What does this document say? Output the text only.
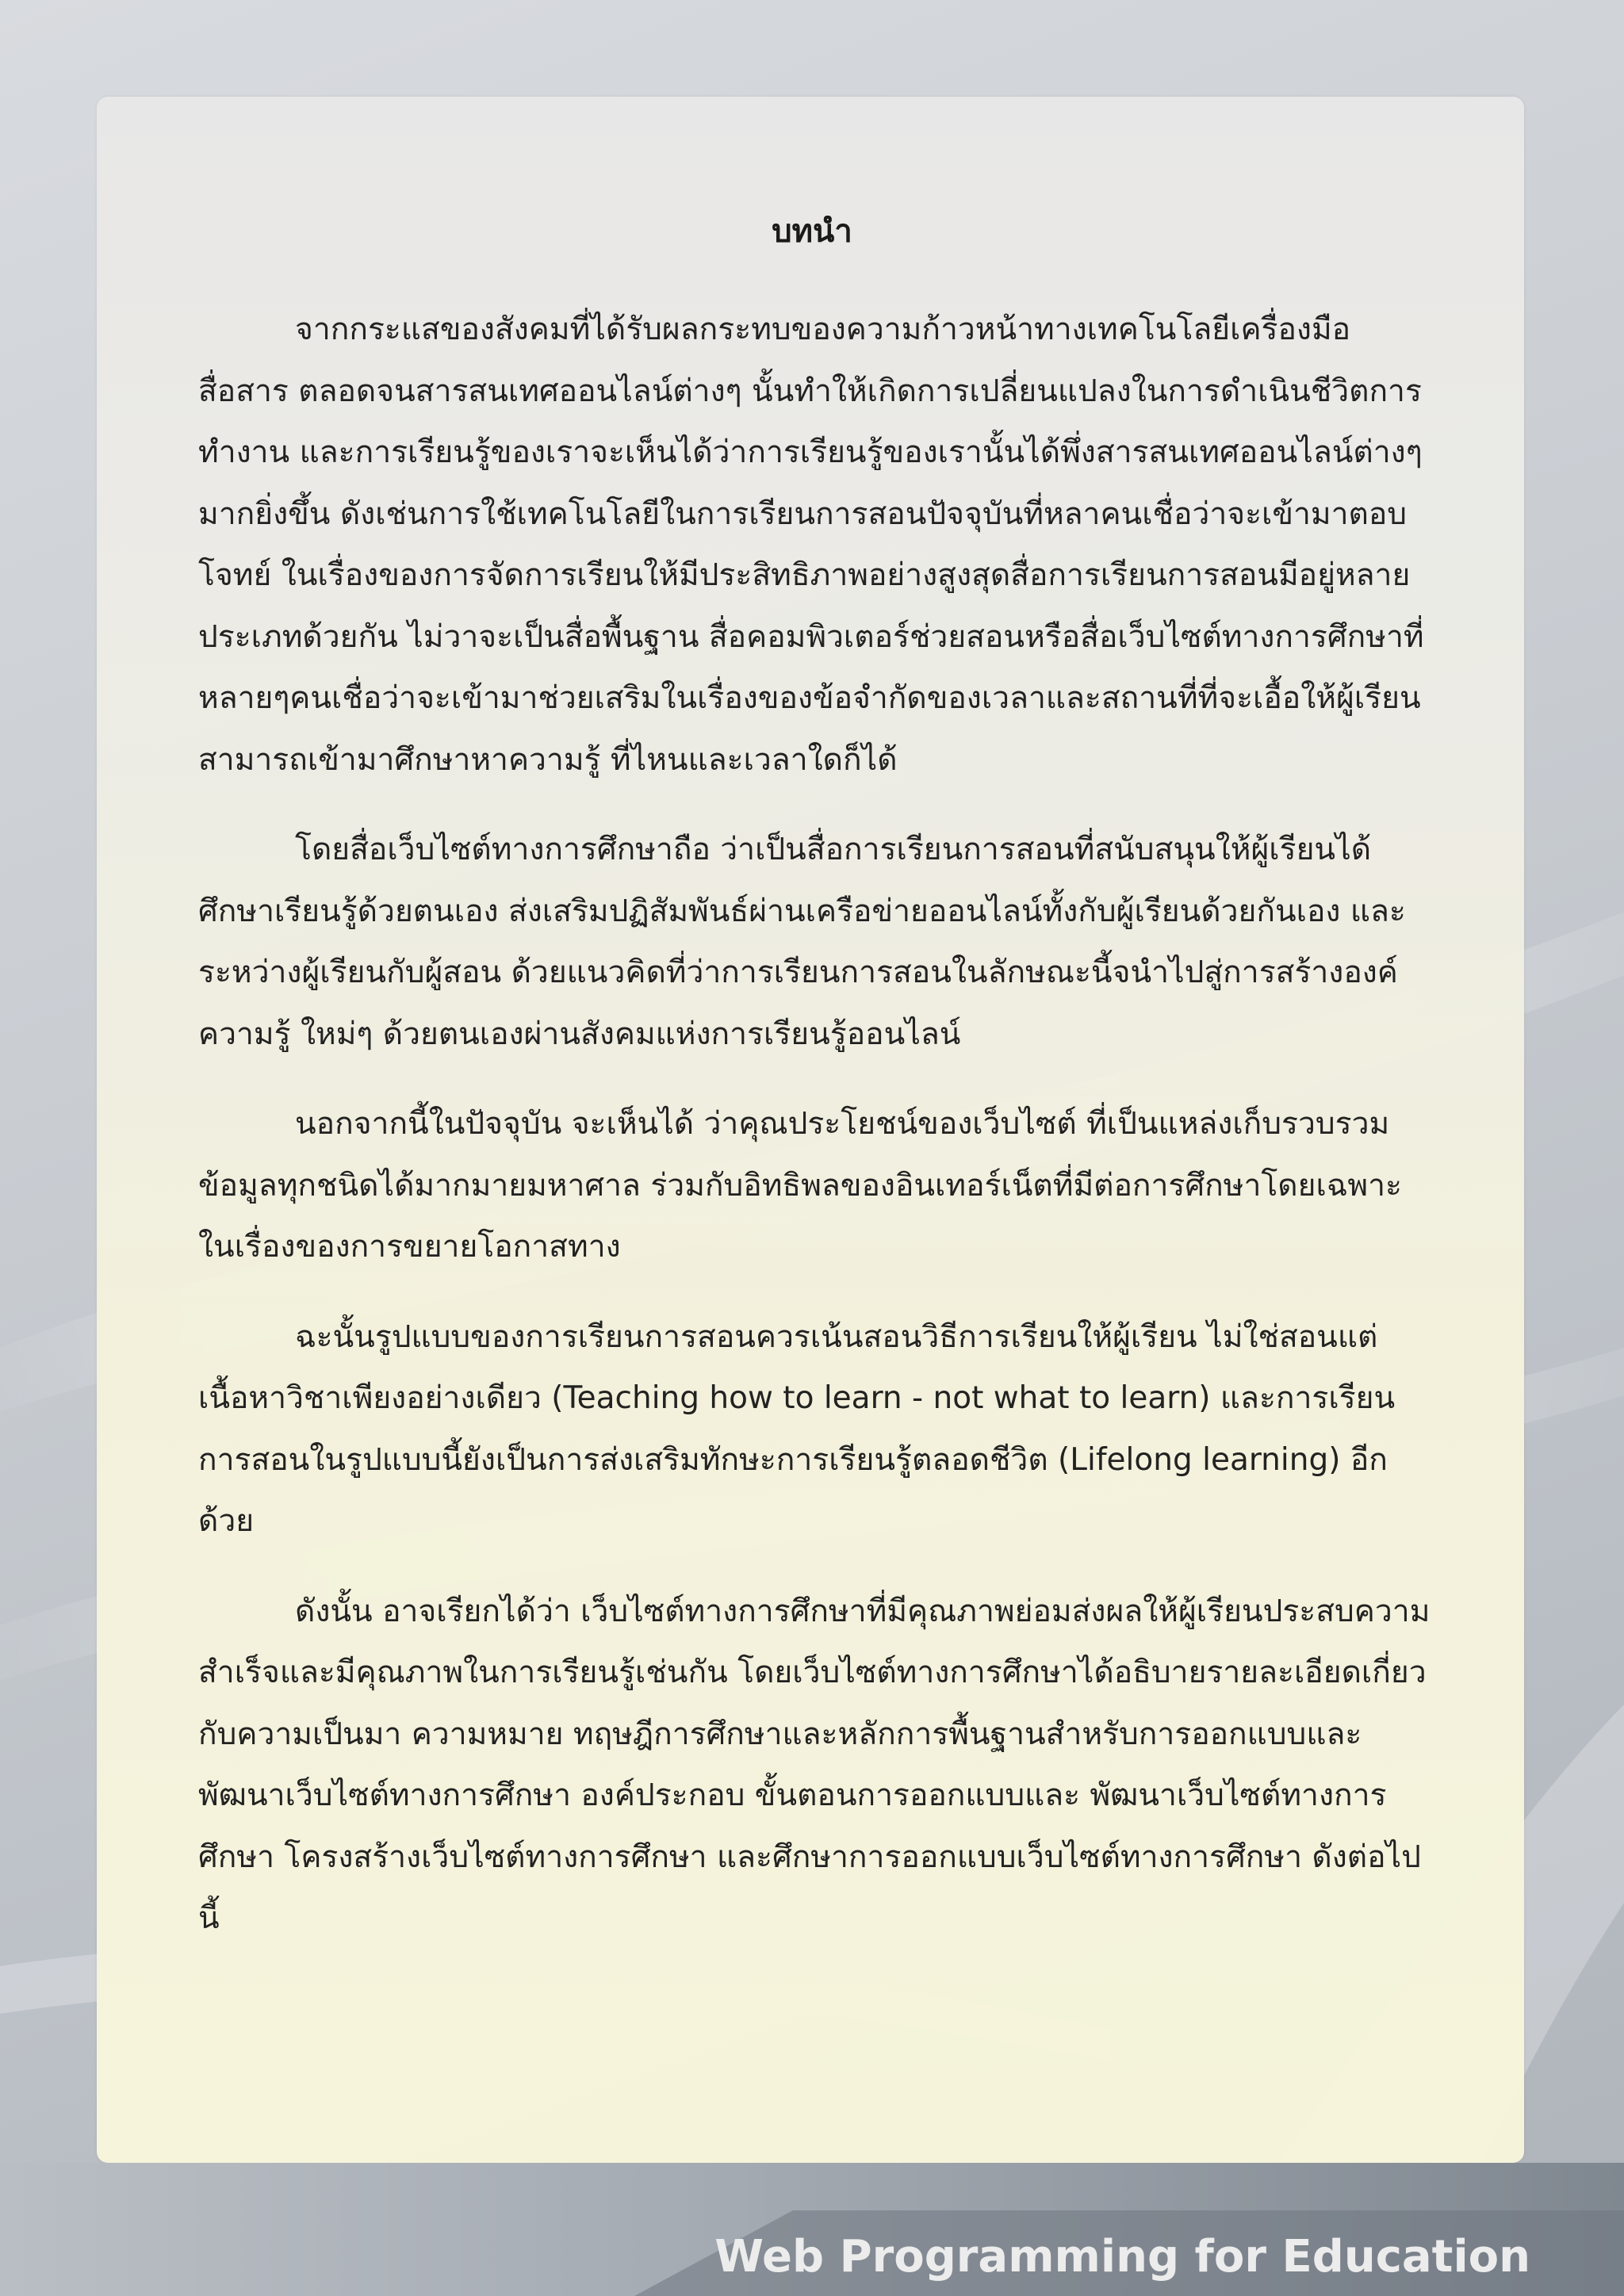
บทนำ

จากกระแสของสังคมที่ได้รับผลกระทบของความก้าวหน้าทางเทคโนโลยีเครื่องมือสื่อสาร ตลอดจนสารสนเทศออนไลน์ต่างๆ นั้นทำให้เกิดการเปลี่ยนแปลงในการดำเนินชีวิตการทำงาน และการเรียนรู้ของเราจะเห็นได้ว่าการเรียนรู้ของเรานั้นได้พึ่งสารสนเทศออนไลน์ต่างๆ มากยิ่งขึ้น ดังเช่นการใช้เทคโนโลยีในการเรียนการสอนปัจจุบันที่หลาคนเชื่อว่าจะเข้ามาตอบโจทย์ ในเรื่องของการจัดการเรียนให้มีประสิทธิภาพอย่างสูงสุดสื่อการเรียนการสอนมีอยู่หลายประเภทด้วยกัน ไม่วาจะเป็นสื่อพื้นฐาน สื่อคอมพิวเตอร์ช่วยสอนหรือสื่อเว็บไซต์ทางการศึกษาที่หลายๆคนเชื่อว่าจะเข้ามาช่วยเสริมในเรื่องของข้อจำกัดของเวลาและสถานที่ที่จะเอื้อให้ผู้เรียนสามารถเข้ามาศึกษาหาความรู้ ที่ไหนและเวลาใดก็ได้

โดยสื่อเว็บไซต์ทางการศึกษาถือ ว่าเป็นสื่อการเรียนการสอนที่สนับสนุนให้ผู้เรียนได้ศึกษาเรียนรู้ด้วยตนเอง ส่งเสริมปฏิสัมพันธ์ผ่านเครือข่ายออนไลน์ทั้งกับผู้เรียนด้วยกันเอง และระหว่างผู้เรียนกับผู้สอน ด้วยแนวคิดที่ว่าการเรียนการสอนในลักษณะนี้จนำไปสู่การสร้างองค์ความรู้ ใหม่ๆ ด้วยตนเองผ่านสังคมแห่งการเรียนรู้ออนไลน์

นอกจากนี้ในปัจจุบัน จะเห็นได้ ว่าคุณประโยชน์ของเว็บไซต์ ที่เป็นแหล่งเก็บรวบรวมข้อมูลทุกชนิดได้มากมายมหาศาล ร่วมกับอิทธิพลของอินเทอร์เน็ตที่มีต่อการศึกษาโดยเฉพาะในเรื่องของการขยายโอกาสทาง

ฉะนั้นรูปแบบของการเรียนการสอนควรเน้นสอนวิธีการเรียนให้ผู้เรียน ไม่ใช่สอนแต่เนื้อหาวิชาเพียงอย่างเดียว (Teaching how to learn - not what to learn) และการเรียนการสอนในรูปแบบนี้ยังเป็นการส่งเสริมทักษะการเรียนรู้ตลอดชีวิต (Lifelong learning) อีกด้วย

ดังนั้น อาจเรียกได้ว่า เว็บไซต์ทางการศึกษาที่มีคุณภาพย่อมส่งผลให้ผู้เรียนประสบความสำเร็จและมีคุณภาพในการเรียนรู้เช่นกัน โดยเว็บไซต์ทางการศึกษาได้อธิบายรายละเอียดเกี่ยวกับความเป็นมา ความหมาย ทฤษฎีการศึกษาและหลักการพื้นฐานสำหรับการออกแบบและพัฒนาเว็บไซต์ทางการศึกษา องค์ประกอบ ขั้นตอนการออกแบบและ พัฒนาเว็บไซต์ทางการศึกษา โครงสร้างเว็บไซต์ทางการศึกษา และศึกษาการออกแบบเว็บไซต์ทางการศึกษา ดังต่อไปนี้

Web Programming for Education
